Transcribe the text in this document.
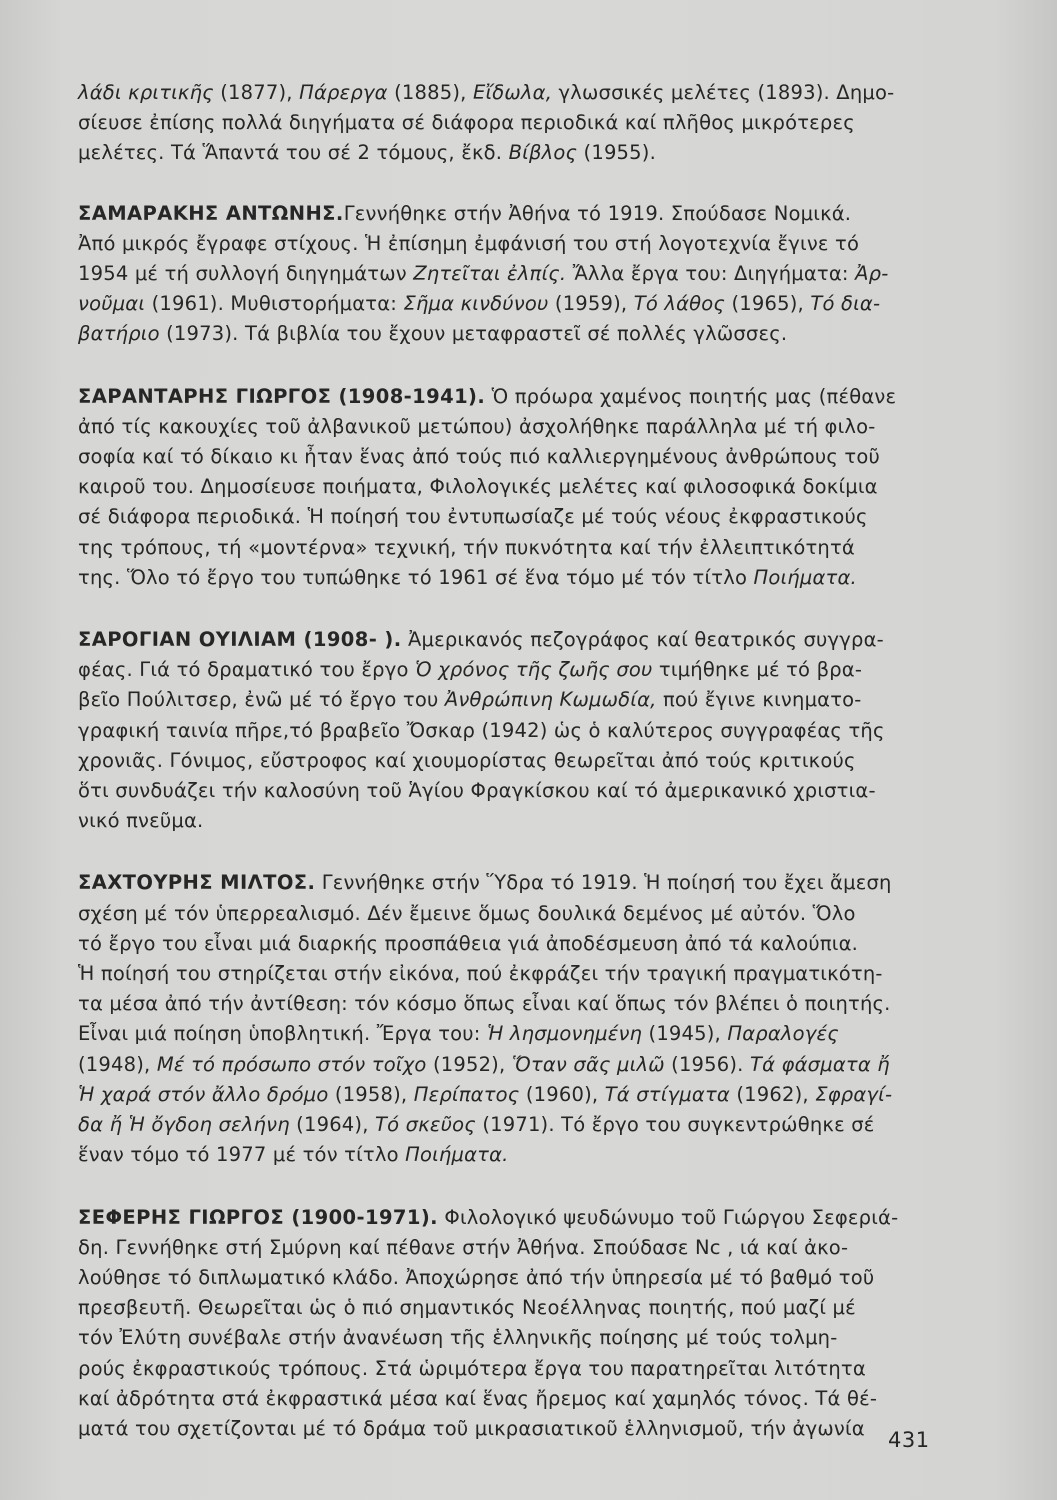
λάδι κριτικῆς (1877), Πάρεργα (1885), Εἴδωλα, γλωσσικές μελέτες (1893). Δημο-
σίευσε ἐπίσης πολλά διηγήματα σέ διάφορα περιοδικά καί πλῆθος μικρότερες
μελέτες. Τά Ἅπαντά του σέ 2 τόμους, ἔκδ. Βίβλος (1955).
ΣΑΜΑΡΑΚΗΣ ΑΝΤΩΝΗΣ.Γεννήθηκε στήν Ἀθήνα τό 1919. Σπούδασε Νομικά.
Ἀπό μικρός ἔγραφε στίχους. Ἡ ἐπίσημη ἐμφάνισή του στή λογοτεχνία ἔγινε τό
1954 μέ τή συλλογή διηγημάτων Ζητεῖται ἐλπίς. Ἄλλα ἔργα του: Διηγήματα: Ἀρ-
νοῦμαι (1961). Μυθιστορήματα: Σῆμα κινδύνου (1959), Τό λάθος (1965), Τό δια-
βατήριο (1973). Τά βιβλία του ἔχουν μεταφραστεῖ σέ πολλές γλῶσσες.
ΣΑΡΑΝΤΑΡΗΣ ΓΙΩΡΓΟΣ (1908-1941). Ὁ πρόωρα χαμένος ποιητής μας (πέθανε
ἀπό τίς κακουχίες τοῦ ἀλβανικοῦ μετώπου) ἀσχολήθηκε παράλληλα μέ τή φιλο-
σοφία καί τό δίκαιο κι ἦταν ἕνας ἀπό τούς πιό καλλιεργημένους ἀνθρώπους τοῦ
καιροῦ του. Δημοσίευσε ποιήματα, Φιλολογικές μελέτες καί φιλοσοφικά δοκίμια
σέ διάφορα περιοδικά. Ἡ ποίησή του ἐντυπωσίαζε μέ τούς νέους ἐκφραστικούς
της τρόπους, τή «μοντέρνα» τεχνική, τήν πυκνότητα καί τήν ἐλλειπτικότητά
της. Ὅλο τό ἔργο του τυπώθηκε τό 1961 σέ ἕνα τόμο μέ τόν τίτλο Ποιήματα.
ΣΑΡΟΓΙΑΝ ΟΥΙΛΙΑΜ (1908- ). Ἀμερικανός πεζογράφος καί θεατρικός συγγρα-
φέας. Γιά τό δραματικό του ἔργο Ὁ χρόνος τῆς ζωῆς σου τιμήθηκε μέ τό βρα-
βεῖο Πούλιτσερ, ἐνῶ μέ τό ἔργο του Ἀνθρώπινη Κωμωδία, πού ἔγινε κινηματο-
γραφική ταινία πῆρε,τό βραβεῖο Ὄσκαρ (1942) ὡς ὁ καλύτερος συγγραφέας τῆς
χρονιᾶς. Γόνιμος, εὔστροφος καί χιουμορίστας θεωρεῖται ἀπό τούς κριτικούς
ὅτι συνδυάζει τήν καλοσύνη τοῦ Ἁγίου Φραγκίσκου καί τό ἀμερικανικό χριστια-
νικό πνεῦμα.
ΣΑΧΤΟΥΡΗΣ ΜΙΛΤΟΣ. Γεννήθηκε στήν Ὕδρα τό 1919. Ἡ ποίησή του ἔχει ἄμεση
σχέση μέ τόν ὑπερρεαλισμό. Δέν ἔμεινε ὅμως δουλικά δεμένος μέ αὐτόν. Ὅλο
τό ἔργο του εἶναι μιά διαρκής προσπάθεια γιά ἀποδέσμευση ἀπό τά καλούπια.
Ἡ ποίησή του στηρίζεται στήν εἰκόνα, πού ἐκφράζει τήν τραγική πραγματικότη-
τα μέσα ἀπό τήν ἀντίθεση: τόν κόσμο ὅπως εἶναι καί ὅπως τόν βλέπει ὁ ποιητής.
Εἶναι μιά ποίηση ὑποβλητική. Ἔργα του: Ἡ λησμονημένη (1945), Παραλογές
(1948), Μέ τό πρόσωπο στόν τοῖχο (1952), Ὅταν σᾶς μιλῶ (1956). Τά φάσματα ἤ
Ἡ χαρά στόν ἄλλο δρόμο (1958), Περίπατος (1960), Τά στίγματα (1962), Σφραγί-
δα ἤ Ἡ ὄγδοη σελήνη (1964), Τό σκεῦος (1971). Τό ἔργο του συγκεντρώθηκε σέ
ἕναν τόμο τό 1977 μέ τόν τίτλο Ποιήματα.
ΣΕΦΕΡΗΣ ΓΙΩΡΓΟΣ (1900-1971). Φιλολογικό ψευδώνυμο τοῦ Γιώργου Σεφεριά-
δη. Γεννήθηκε στή Σμύρνη καί πέθανε στήν Ἀθήνα. Σπούδασε Nc , ιά καί ἀκο-
λούθησε τό διπλωματικό κλάδο. Ἀποχώρησε ἀπό τήν ὑπηρεσία μέ τό βαθμό τοῦ
πρεσβευτῆ. Θεωρεῖται ὡς ὁ πιό σημαντικός Νεοέλληνας ποιητής, πού μαζί μέ
τόν Ἐλύτη συνέβαλε στήν ἀνανέωση τῆς ἑλληνικῆς ποίησης μέ τούς τολμη-
ρούς ἐκφραστικούς τρόπους. Στά ὡριμότερα ἔργα του παρατηρεῖται λιτότητα
καί ἀδρότητα στά ἐκφραστικά μέσα καί ἕνας ἤρεμος καί χαμηλός τόνος. Τά θέ-
ματά του σχετίζονται μέ τό δράμα τοῦ μικρασιατικοῦ ἑλληνισμοῦ, τήν ἀγωνία	431
